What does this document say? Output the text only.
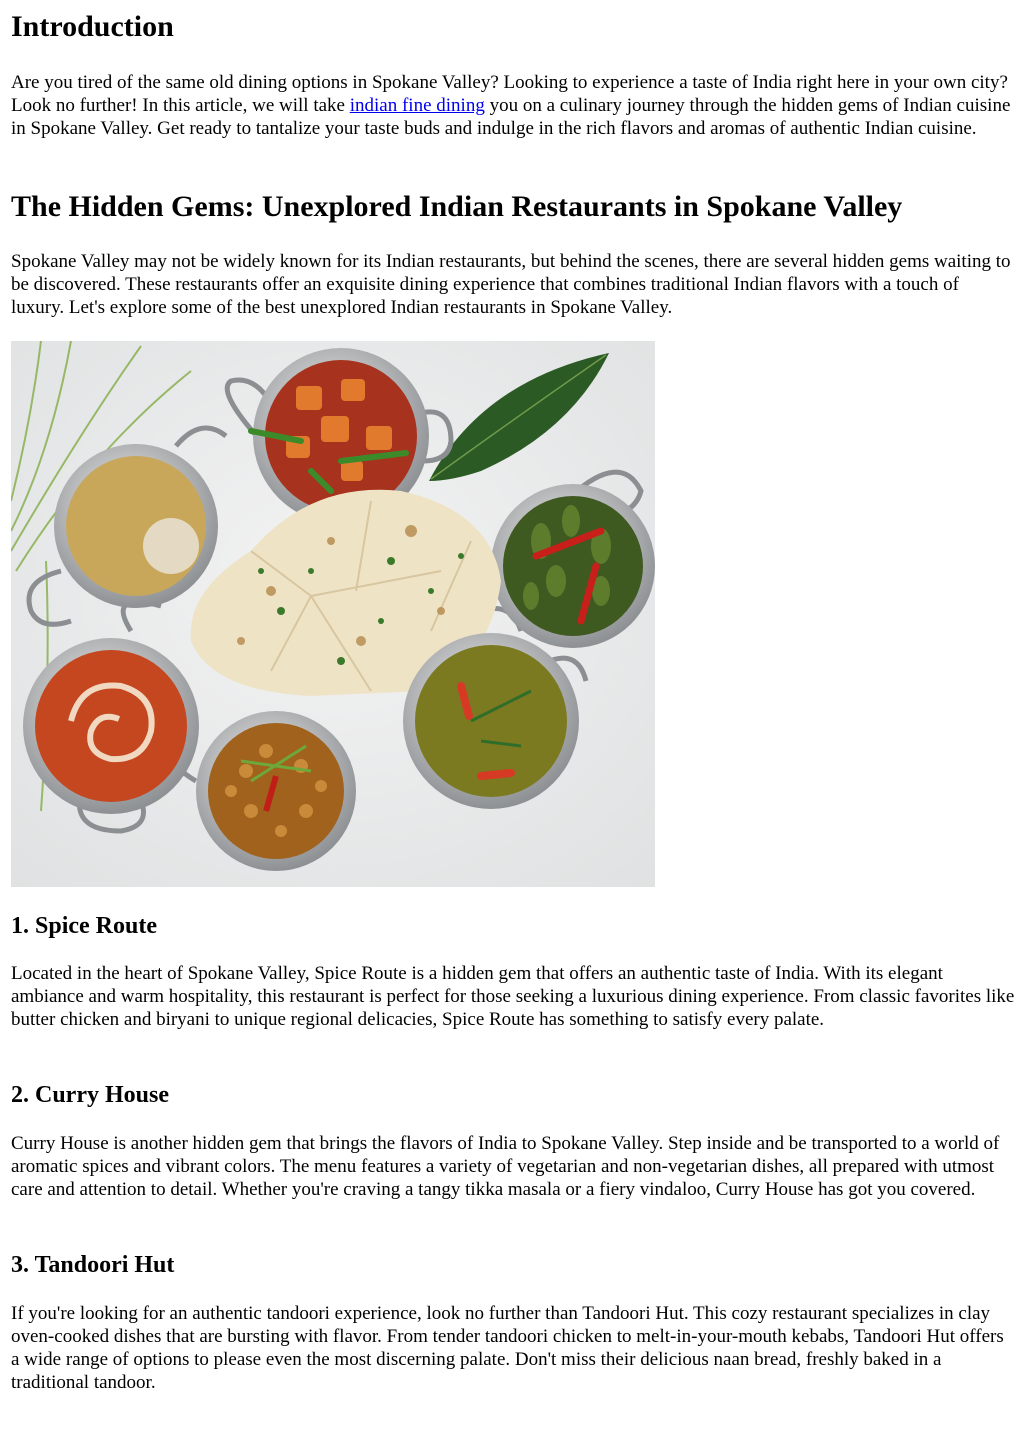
Introduction

Are you tired of the same old dining options in Spokane Valley? Looking to experience a taste of India right here in your own city? Look no further! In this article, we will take indian fine dining you on a culinary journey through the hidden gems of Indian cuisine in Spokane Valley. Get ready to tantalize your taste buds and indulge in the rich flavors and aromas of authentic Indian cuisine.

The Hidden Gems: Unexplored Indian Restaurants in Spokane Valley

Spokane Valley may not be widely known for its Indian restaurants, but behind the scenes, there are several hidden gems waiting to be discovered. These restaurants offer an exquisite dining experience that combines traditional Indian flavors with a touch of luxury. Let's explore some of the best unexplored Indian restaurants in Spokane Valley.

1. Spice Route

Located in the heart of Spokane Valley, Spice Route is a hidden gem that offers an authentic taste of India. With its elegant ambiance and warm hospitality, this restaurant is perfect for those seeking a luxurious dining experience. From classic favorites like butter chicken and biryani to unique regional delicacies, Spice Route has something to satisfy every palate.

2. Curry House

Curry House is another hidden gem that brings the flavors of India to Spokane Valley. Step inside and be transported to a world of aromatic spices and vibrant colors. The menu features a variety of vegetarian and non-vegetarian dishes, all prepared with utmost care and attention to detail. Whether you're craving a tangy tikka masala or a fiery vindaloo, Curry House has got you covered.

3. Tandoori Hut

If you're looking for an authentic tandoori experience, look no further than Tandoori Hut. This cozy restaurant specializes in clay oven-cooked dishes that are bursting with flavor. From tender tandoori chicken to melt-in-your-mouth kebabs, Tandoori Hut offers a wide range of options to please even the most discerning palate. Don't miss their delicious naan bread, freshly baked in a traditional tandoor.
